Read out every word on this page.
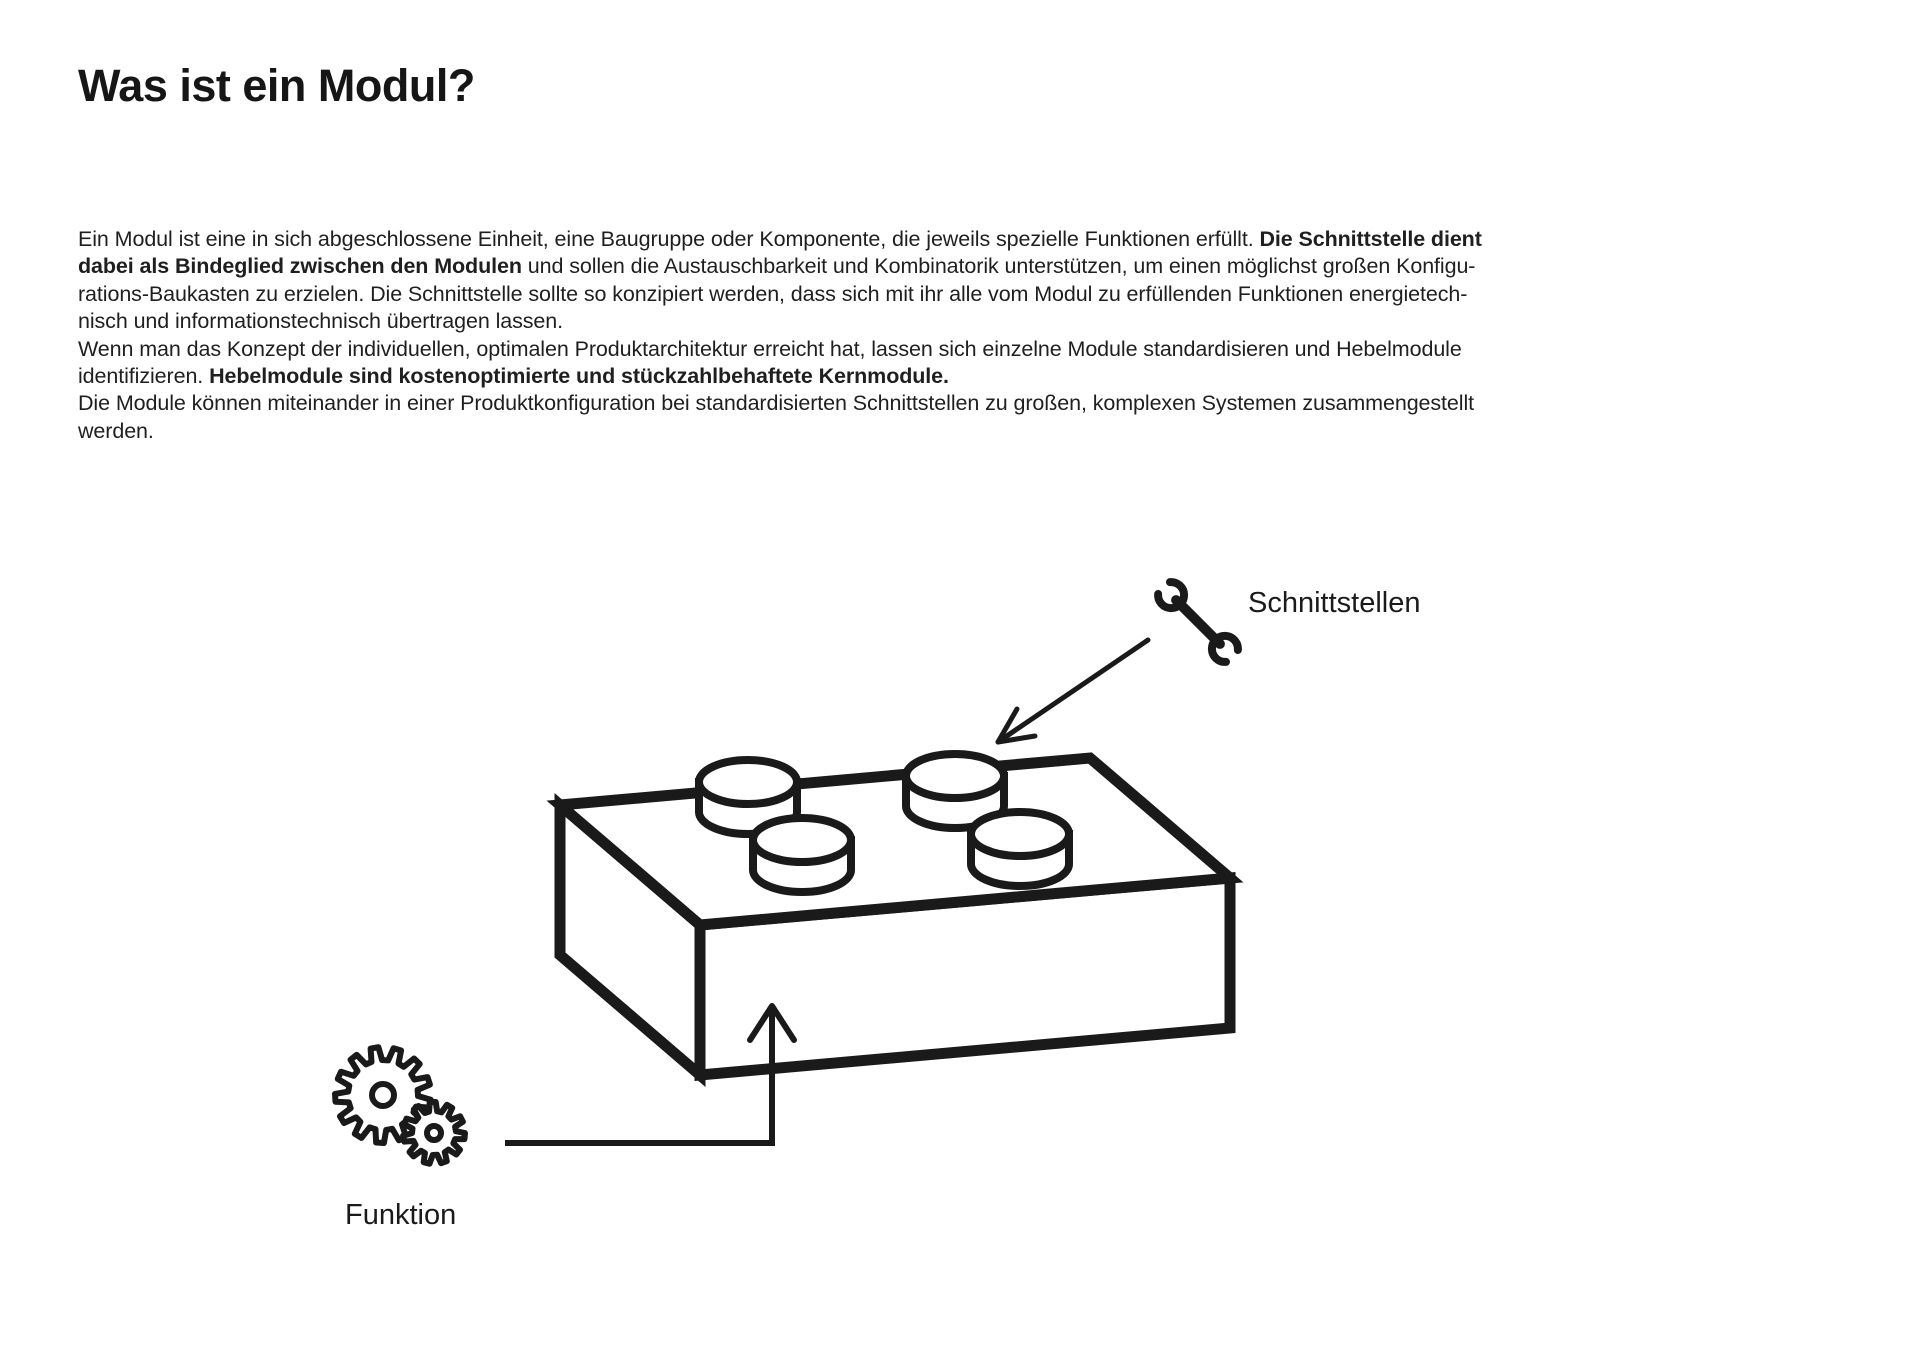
Was ist ein Modul?
Ein Modul ist eine in sich abgeschlossene Einheit, eine Baugruppe oder Komponente, die jeweils spezielle Funktionen erfüllt. Die Schnittstelle dient
dabei als Bindeglied zwischen den Modulen und sollen die Austauschbarkeit und Kombinatorik unterstützen, um einen möglichst großen Konfigu-
rations-Baukasten zu erzielen. Die Schnittstelle sollte so konzipiert werden, dass sich mit ihr alle vom Modul zu erfüllenden Funktionen energietech-
nisch und informationstechnisch übertragen lassen.
Wenn man das Konzept der individuellen, optimalen Produktarchitektur erreicht hat, lassen sich einzelne Module standardisieren und Hebelmodule
identifizieren. Hebelmodule sind kostenoptimierte und stückzahlbehaftete Kernmodule.
Die Module können miteinander in einer Produktkonfiguration bei standardisierten Schnittstellen zu großen, komplexen Systemen zusammengestellt
werden.
Schnittstellen
Funktion
